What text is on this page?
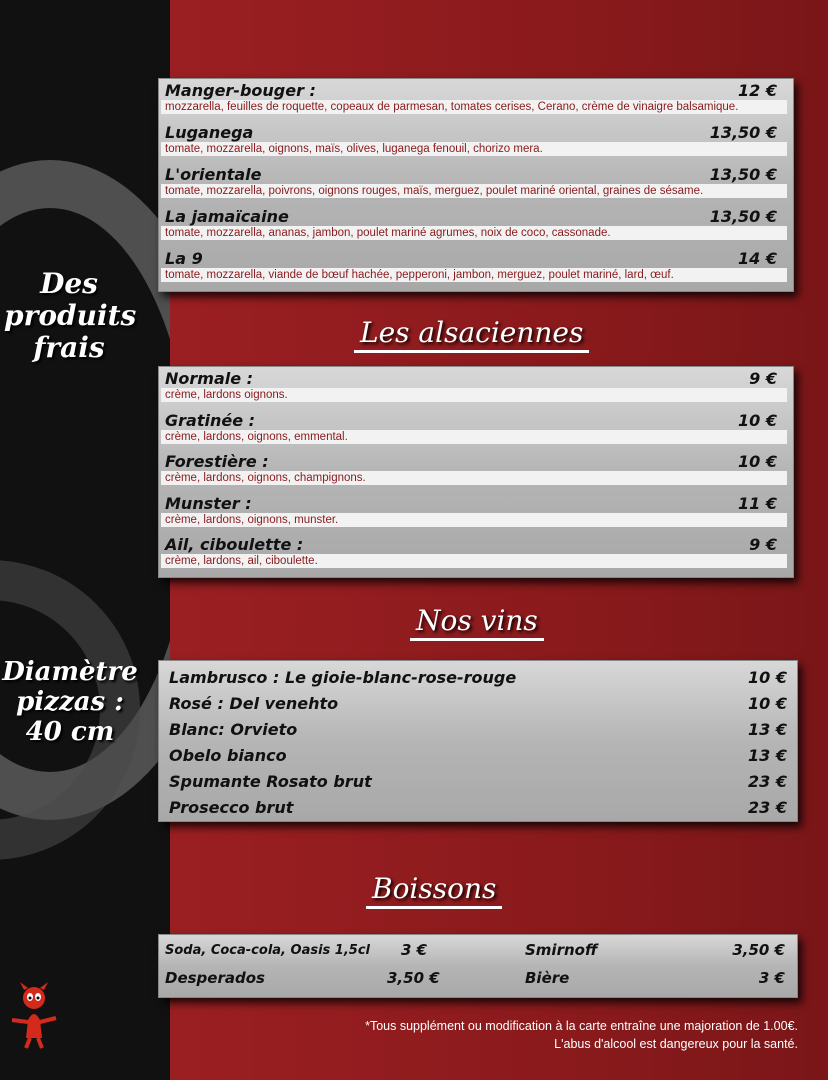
Des
produits
frais
Diamètre
pizzas :
40 cm
Manger-bouger :	12 €
mozzarella, feuilles de roquette, copeaux de parmesan, tomates cerises, Cerano, crème de vinaigre balsamique.
Luganega	13,50 €
tomate, mozzarella, oignons, maïs, olives, luganega fenouil, chorizo mera.
L'orientale	13,50 €
tomate, mozzarella, poivrons, oignons rouges, maïs, merguez, poulet mariné oriental, graines de sésame.
La jamaïcaine	13,50 €
tomate, mozzarella, ananas, jambon, poulet mariné agrumes, noix de coco, cassonade.
La 9	14 €
tomate, mozzarella, viande de bœuf hachée, pepperoni, jambon, merguez, poulet mariné, lard, œuf.
Les alsaciennes
Normale :	9 €
crème, lardons oignons.
Gratinée :	10 €
crème, lardons, oignons, emmental.
Forestière :	10 €
crème, lardons, oignons, champignons.
Munster :	11 €
crème, lardons, oignons, munster.
Ail, ciboulette :	9 €
crème, lardons, ail, ciboulette.
Nos vins
Lambrusco : Le gioie-blanc-rose-rouge	10 €
Rosé : Del venehto	10 €
Blanc: Orvieto	13 €
Obelo bianco	13 €
Spumante Rosato brut	23 €
Prosecco brut	23 €
Boissons
Soda, Coca-cola, Oasis 1,5cl 3 €	Smirnoff	3,50 €
Desperados	3,50 €	Bière	3 €
*Tous supplément ou modification à la carte entraîne une majoration de 1.00€.
L'abus d'alcool est dangereux pour la santé.
